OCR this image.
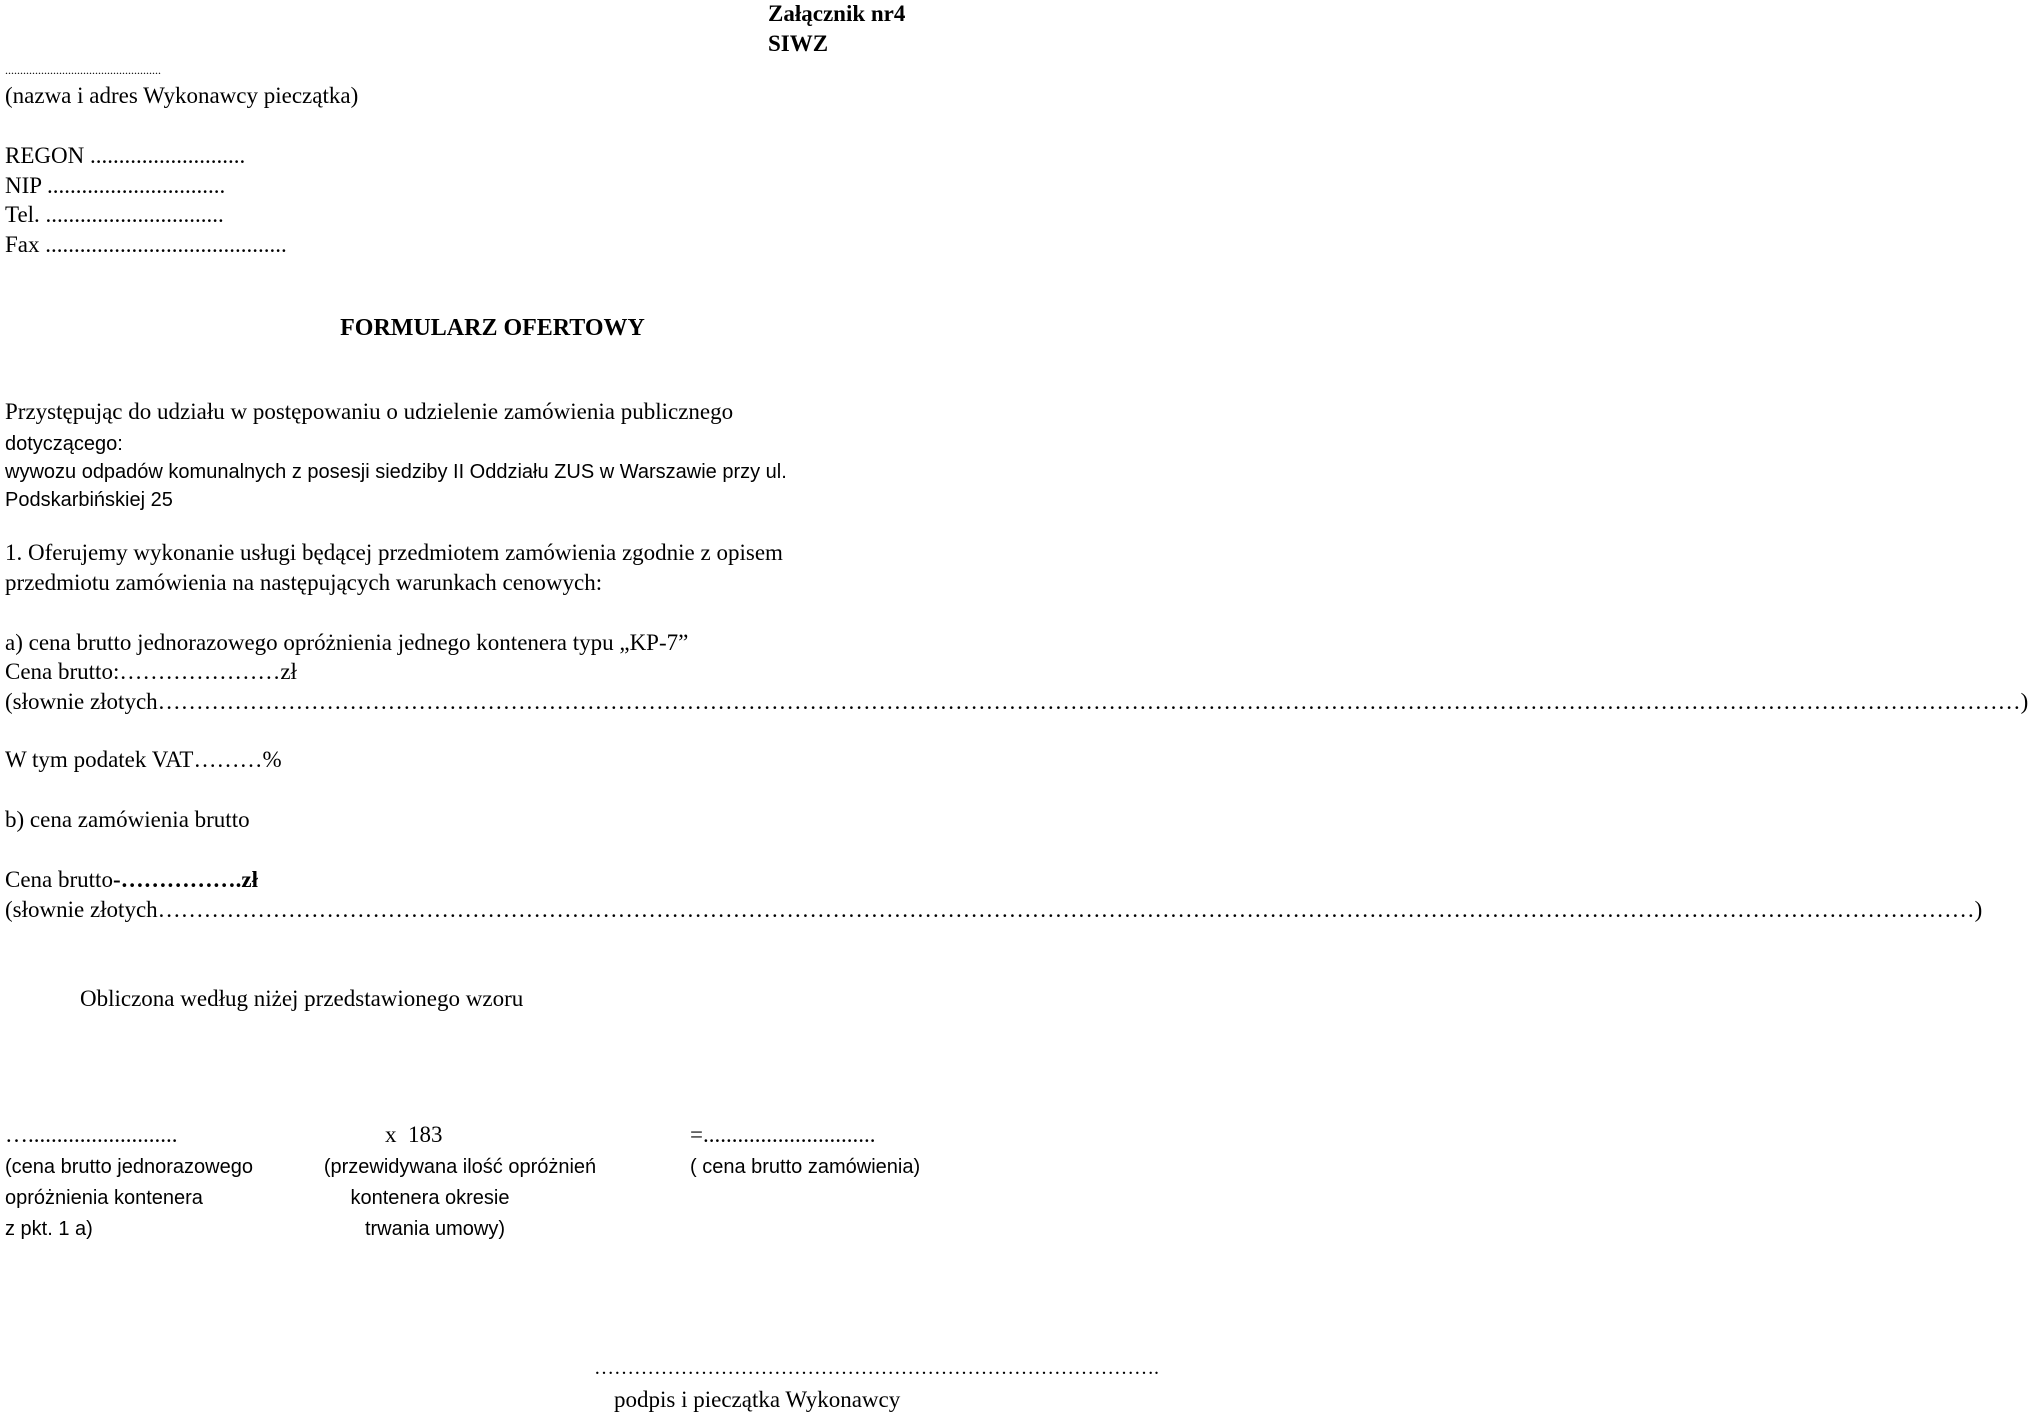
Załącznik nr4
SIWZ
....................................................
(nazwa i adres Wykonawcy pieczątka)
REGON ...........................
NIP ...............................
Tel. ...............................
Fax ..........................................
FORMULARZ OFERTOWY
Przystępując do udziału w postępowaniu o udzielenie zamówienia publicznego
dotyczącego:
wywozu odpadów komunalnych z posesji siedziby II Oddziału ZUS w Warszawie przy ul.
Podskarbińskiej 25
1. Oferujemy wykonanie usługi będącej przedmiotem zamówienia zgodnie z opisem
przedmiotu zamówienia na następujących warunkach cenowych:
a) cena brutto jednorazowego opróżnienia jednego kontenera typu „KP-7”
Cena brutto:…………………zł
(słownie złotych………………………………………………………………………………………………………………………………………………………………………………………………………………………)
W tym podatek VAT………%
b) cena zamówienia brutto
Cena brutto-…………….zł
(słownie złotych…………………………………………………………………………………………………………………………………………………………………………………………………………………)
Obliczona według niżej przedstawionego wzoru
…..........................	x  183	=..............................
(cena brutto jednorazowego
opróżnienia kontenera
z pkt. 1 a)
(przewidywana ilość opróżnień
kontenera okresie
trwania umowy)
( cena brutto zamówienia)
………………………………………………………………………….
podpis i pieczątka Wykonawcy
